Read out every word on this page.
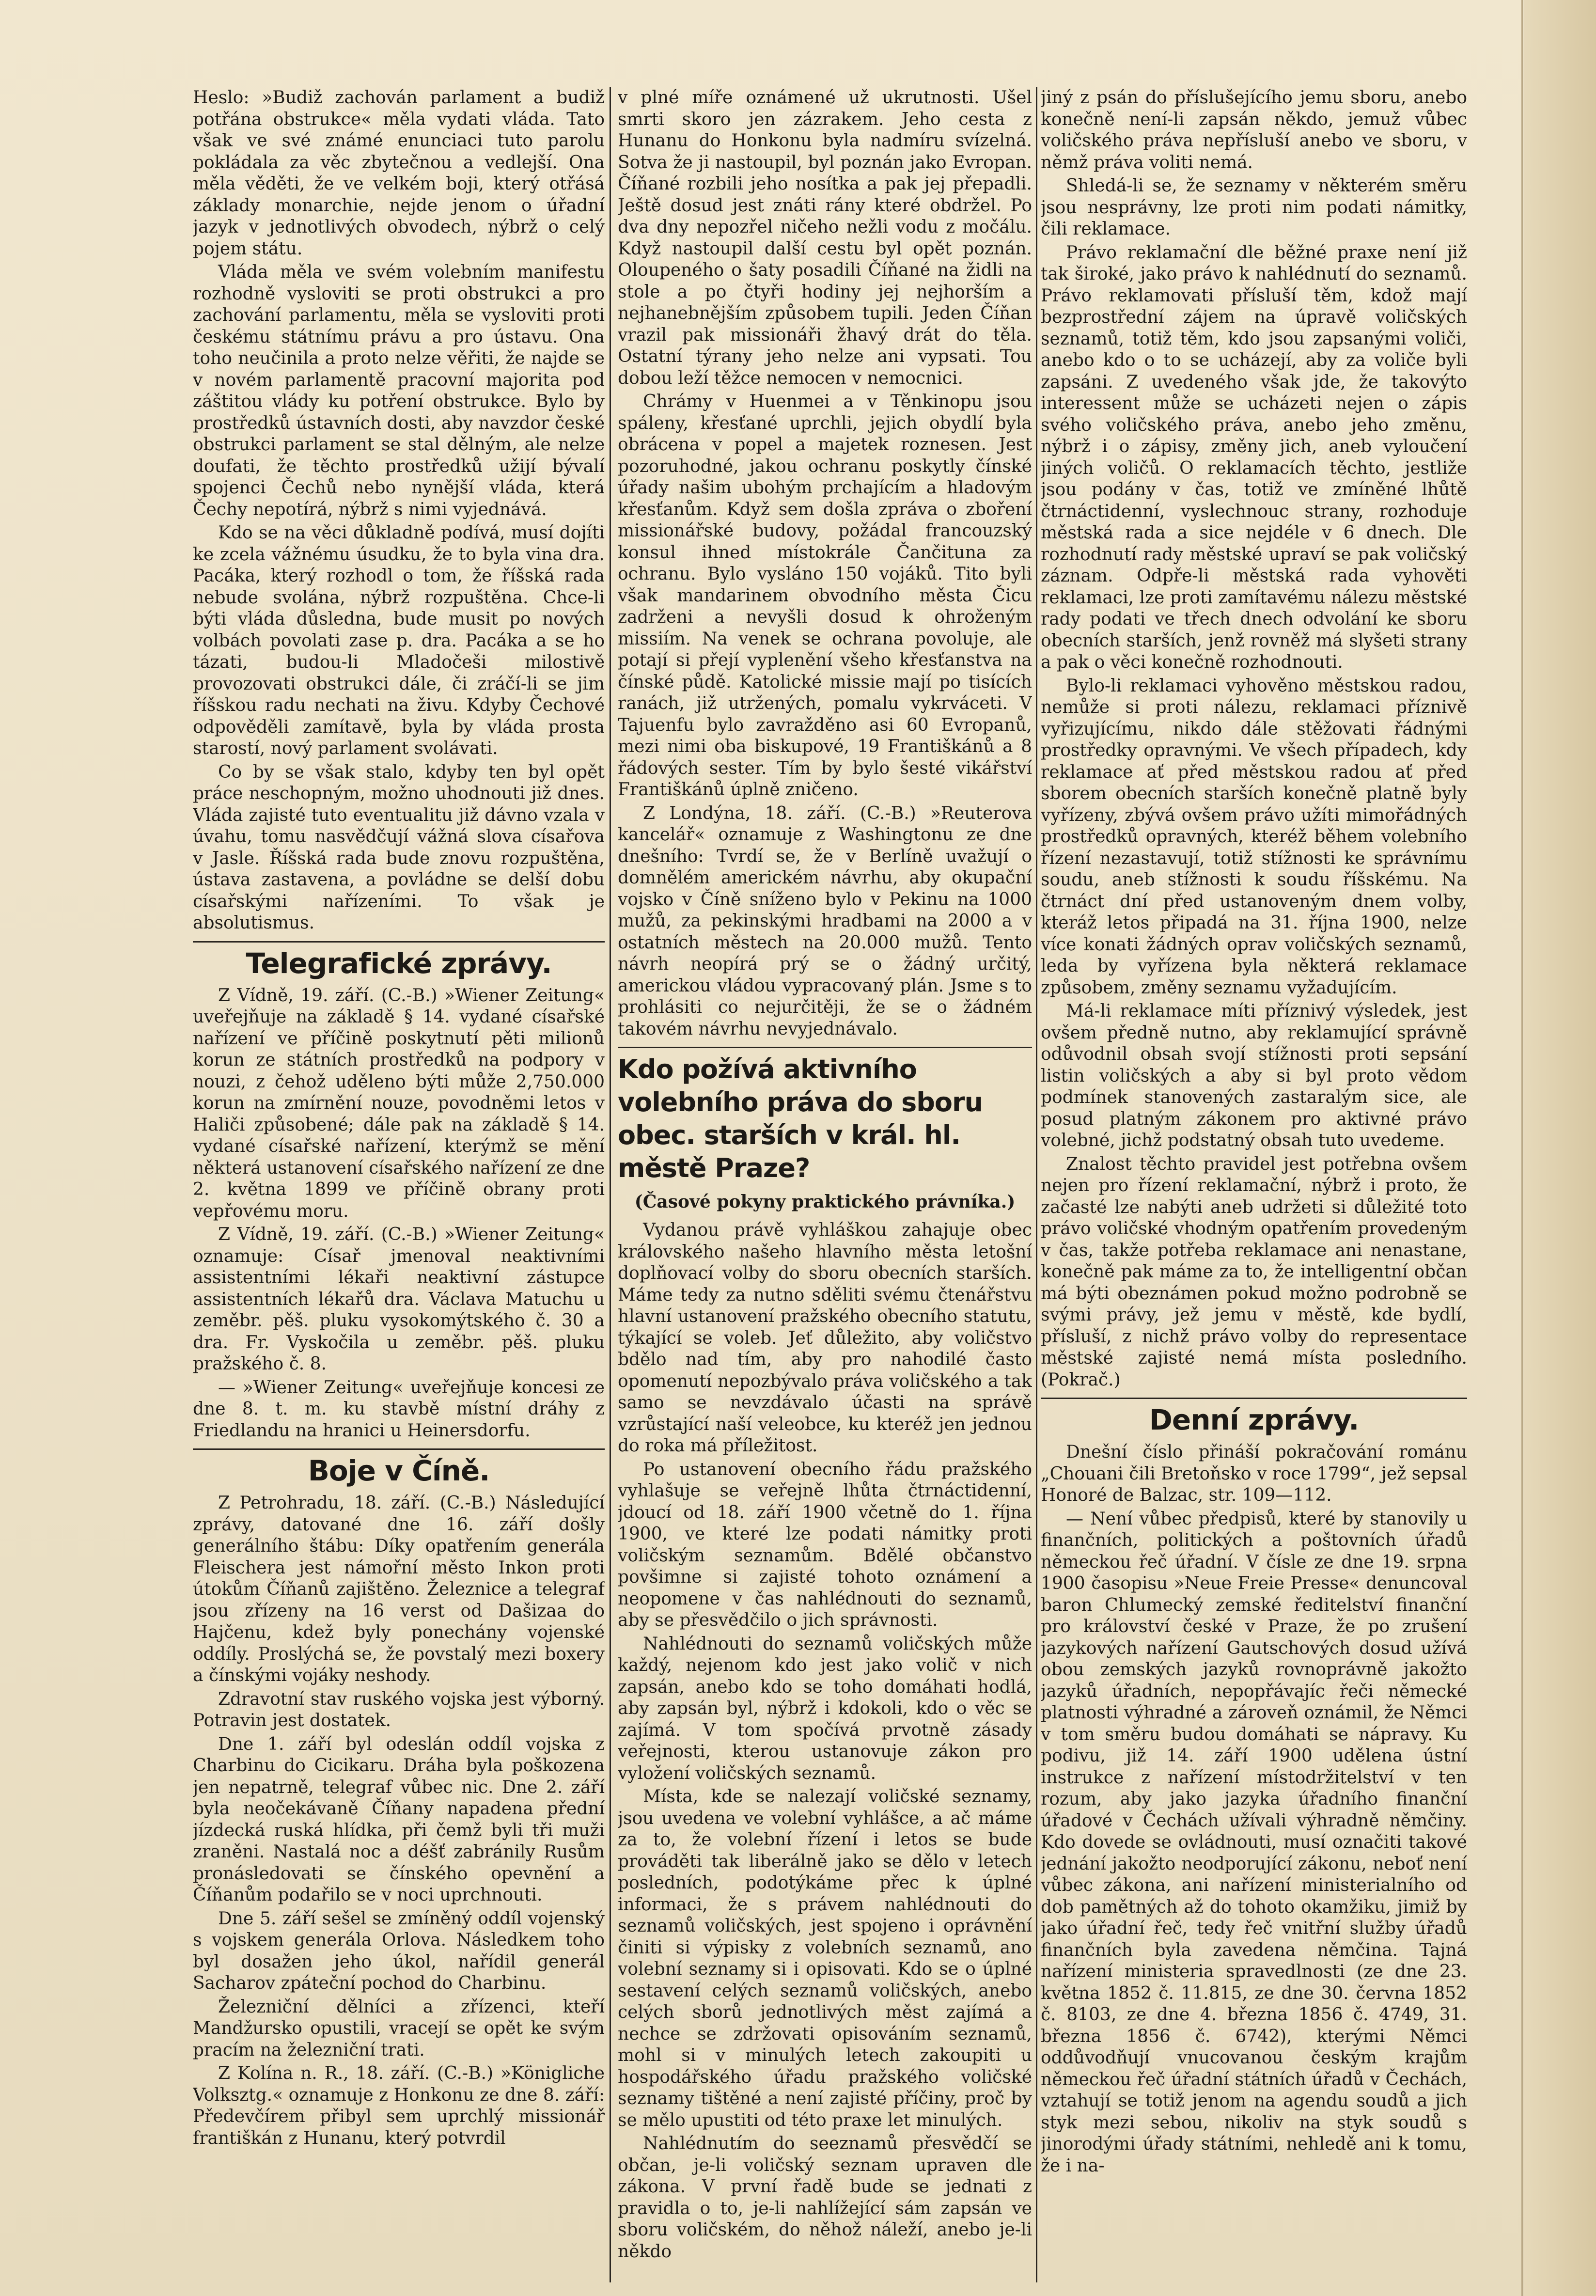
Heslo: »Budiž zachován parlament a budiž potřána obstrukce« měla vydati vláda. Tato však ve své známé enunciaci tuto parolu pokládala za věc zbytečnou a vedlejší. Ona měla věděti, že ve velkém boji, který otřásá základy monarchie, nejde jenom o úřadní jazyk v jednotlivých obvodech, nýbrž o celý pojem státu.

Vláda měla ve svém volebním manifestu rozhodně vysloviti se proti obstrukci a pro zachování parlamentu, měla se vysloviti proti českému státnímu právu a pro ústavu. Ona toho neučinila a proto nelze věřiti, že najde se v novém parlamentě pracovní majorita pod záštitou vlády ku potření obstrukce. Bylo by prostředků ústavních dosti, aby navzdor české obstrukci parlament se stal dělným, ale nelze doufati, že těchto prostředků užijí bývalí spojenci Čechů nebo nynější vláda, která Čechy nepotírá, nýbrž s nimi vyjednává.

Kdo se na věci důkladně podívá, musí dojíti ke zcela vážnému úsudku, že to byla vina dra. Pacáka, který rozhodl o tom, že říšská rada nebude svolána, nýbrž rozpuštěna. Chce-li býti vláda důsledna, bude musit po nových volbách povolati zase p. dra. Pacáka a se ho tázati, budou-li Mladočeši milostivě provozovati obstrukci dále, či zráčí-li se jim říšskou radu nechati na živu. Kdyby Čechové odpověděli zamítavě, byla by vláda prosta starostí, nový parlament svolávati.

Co by se však stalo, kdyby ten byl opět práce neschopným, možno uhodnouti již dnes. Vláda zajisté tuto eventualitu již dávno vzala v úvahu, tomu nasvědčují vážná slova císařova v Jasle. Říšská rada bude znovu rozpuštěna, ústava zastavena, a povládne se delší dobu císařskými nařízeními. To však je absolutismus.

Telegrafické zprávy.

Z Vídně, 19. září. (C.-B.) »Wiener Zeitung« uveřejňuje na základě § 14. vydané císařské nařízení ve příčině poskytnutí pěti milionů korun ze státních prostředků na podpory v nouzi, z čehož uděleno býti může 2,750.000 korun na zmírnění nouze, povodněmi letos v Haliči způsobené; dále pak na základě § 14. vydané císařské nařízení, kterýmž se mění některá ustanovení císařského nařízení ze dne 2. května 1899 ve příčině obrany proti vepřovému moru.

Z Vídně, 19. září. (C.-B.) »Wiener Zeitung« oznamuje: Císař jmenoval neaktivními assistentními lékaři neaktivní zástupce assistentních lékařů dra. Václava Matuchu u zeměbr. pěš. pluku vysokomýtského č. 30 a dra. Fr. Vyskočila u zeměbr. pěš. pluku pražského č. 8.

— »Wiener Zeitung« uveřejňuje koncesi ze dne 8. t. m. ku stavbě místní dráhy z Friedlandu na hranici u Heinersdorfu.

Boje v Číně.

Z Petrohradu, 18. září. (C.-B.) Následující zprávy, datované dne 16. září došly generálního štábu: Díky opatřením generála Fleischera jest námořní město Inkon proti útokům Číňanů zajištěno. Železnice a telegraf jsou zřízeny na 16 verst od Dašizaa do Hajčenu, kdež byly ponechány vojenské oddíly. Proslýchá se, že povstalý mezi boxery a čínskými vojáky neshody.

Zdravotní stav ruského vojska jest výborný. Potravin jest dostatek.

Dne 1. září byl odeslán oddíl vojska z Charbinu do Cicikaru. Dráha byla poškozena jen nepatrně, telegraf vůbec nic. Dne 2. září byla neočekávaně Číňany napadena přední jízdecká ruská hlídka, při čemž byli tři muži zraněni. Nastalá noc a déšť zabránily Rusům pronásledovati se čínského opevnění a Číňanům podařilo se v noci uprchnouti.

Dne 5. září sešel se zmíněný oddíl vojenský s vojskem generála Orlova. Následkem toho byl dosažen jeho úkol, nařídil generál Sacharov zpáteční pochod do Charbinu.

Železniční dělníci a zřízenci, kteří Mandžursko opustili, vracejí se opět ke svým pracím na železniční trati.

Z Kolína n. R., 18. září. (C.-B.) »Königliche Volksztg.« oznamuje z Honkonu ze dne 8. září: Předevčírem přibyl sem uprchlý missionář františkán z Hunanu, který potvrdil

v plné míře oznámené už ukrutnosti. Ušel smrti skoro jen zázrakem. Jeho cesta z Hunanu do Honkonu byla nadmíru svízelná. Sotva že ji nastoupil, byl poznán jako Evropan. Číňané rozbili jeho nosítka a pak jej přepadli. Ještě dosud jest znáti rány které obdržel. Po dva dny nepozřel ničeho nežli vodu z močálu. Když nastoupil další cestu byl opět poznán. Oloupeného o šaty posadili Číňané na židli na stole a po čtyři hodiny jej nejhorším a nejhanebnějším způsobem tupili. Jeden Číňan vrazil pak missionáři žhavý drát do těla. Ostatní týrany jeho nelze ani vypsati. Tou dobou leží těžce nemocen v nemocnici.

Chrámy v Huenmei a v Těnkinopu jsou spáleny, křesťané uprchli, jejich obydlí byla obrácena v popel a majetek roznesen. Jest pozoruhodné, jakou ochranu poskytly čínské úřady našim ubohým prchajícím a hladovým křesťanům. Když sem došla zpráva o zboření missionářské budovy, požádal francouzský konsul ihned místokrále Čančituna za ochranu. Bylo vysláno 150 vojáků. Tito byli však mandarinem obvodního města Čicu zadrženi a nevyšli dosud k ohroženým missiím. Na venek se ochrana povoluje, ale potají si přejí vyplenění všeho křesťanstva na čínské půdě. Katolické missie mají po tisících ranách, již utržených, pomalu vykrváceti. V Tajuenfu bylo zavražděno asi 60 Evropanů, mezi nimi oba biskupové, 19 Františkánů a 8 řádových sester. Tím by bylo šesté vikářství Františkánů úplně zničeno.

Z Londýna, 18. září. (C.-B.) »Reuterova kancelář« oznamuje z Washingtonu ze dne dnešního: Tvrdí se, že v Berlíně uvažují o domnělém americkém návrhu, aby okupační vojsko v Číně sníženo bylo v Pekinu na 1000 mužů, za pekinskými hradbami na 2000 a v ostatních městech na 20.000 mužů. Tento návrh neopírá prý se o žádný určitý, americkou vládou vypracovaný plán. Jsme s to prohlásiti co nejurčitěji, že se o žádném takovém návrhu nevyjednávalo.

Kdo požívá aktivního volebního práva do sboru obec. starších v král. hl. městě Praze?
(Časové pokyny praktického právníka.)

Vydanou právě vyhláškou zahajuje obec královského našeho hlavního města letošní doplňovací volby do sboru obecních starších. Máme tedy za nutno sděliti svému čtenářstvu hlavní ustanovení pražského obecního statutu, týkající se voleb. Jeť důležito, aby voličstvo bdělo nad tím, aby pro nahodilé často opomenutí nepozbývalo práva voličského a tak samo se nevzdávalo účasti na správě vzrůstající naší veleobce, ku kteréž jen jednou do roka má příležitost.

Po ustanovení obecního řádu pražského vyhlašuje se veřejně lhůta čtrnáctidenní, jdoucí od 18. září 1900 včetně do 1. října 1900, ve které lze podati námitky proti voličským seznamům. Bdělé občanstvo povšimne si zajisté tohoto oznámení a neopomene v čas nahlédnouti do seznamů, aby se přesvědčilo o jich správnosti.

Nahlédnouti do seznamů voličských může každý, nejenom kdo jest jako volič v nich zapsán, anebo kdo se toho domáhati hodlá, aby zapsán byl, nýbrž i kdokoli, kdo o věc se zajímá. V tom spočívá prvotně zásady veřejnosti, kterou ustanovuje zákon pro vyložení voličských seznamů.

Místa, kde se nalezají voličské seznamy, jsou uvedena ve volební vyhlášce, a ač máme za to, že volební řízení i letos se bude prováděti tak liberálně jako se dělo v letech posledních, podotýkáme přec k úplné informaci, že s právem nahlédnouti do seznamů voličských, jest spojeno i oprávnění činiti si výpisky z volebních seznamů, ano volební seznamy si i opisovati. Kdo se o úplné sestavení celých seznamů voličských, anebo celých sborů jednotlivých měst zajímá a nechce se zdržovati opisováním seznamů, mohl si v minulých letech zakoupiti u hospodářského úřadu pražského voličské seznamy tištěné a není zajisté příčiny, proč by se mělo upustiti od této praxe let minulých.

Nahlédnutím do seeznamů přesvědčí se občan, je-li voličský seznam upraven dle zákona. V první řadě bude se jednati z pravidla o to, je-li nahlížející sám zapsán ve sboru voličském, do něhož náleží, anebo je-li někdo

jiný z psán do příslušejícího jemu sboru, anebo konečně není-li zapsán někdo, jemuž vůbec voličského práva nepřísluší anebo ve sboru, v němž práva voliti nemá.

Shledá-li se, že seznamy v některém směru jsou nesprávny, lze proti nim podati námitky, čili reklamace.

Právo reklamační dle běžné praxe není již tak široké, jako právo k nahlédnutí do seznamů. Právo reklamovati přísluší těm, kdož mají bezprostřední zájem na úpravě voličských seznamů, totiž těm, kdo jsou zapsanými voliči, anebo kdo o to se ucházejí, aby za voliče byli zapsáni. Z uvedeného však jde, že takovýto interessent může se ucházeti nejen o zápis svého voličského práva, anebo jeho změnu, nýbrž i o zápisy, změny jich, aneb vyloučení jiných voličů. O reklamacích těchto, jestliže jsou podány v čas, totiž ve zmíněné lhůtě čtrnáctidenní, vyslechnouc strany, rozhoduje městská rada a sice nejdéle v 6 dnech. Dle rozhodnutí rady městské upraví se pak voličský záznam. Odpře-li městská rada vyhověti reklamaci, lze proti zamítavému nálezu městské rady podati ve třech dnech odvolání ke sboru obecních starších, jenž rovněž má slyšeti strany a pak o věci konečně rozhodnouti.

Bylo-li reklamaci vyhověno městskou radou, nemůže si proti nálezu, reklamaci příznivě vyřizujícímu, nikdo dále stěžovati řádnými prostředky opravnými. Ve všech případech, kdy reklamace ať před městskou radou ať před sborem obecních starších konečně platně byly vyřízeny, zbývá ovšem právo užíti mimořádných prostředků opravných, kteréž během volebního řízení nezastavují, totiž stížnosti ke správnímu soudu, aneb stížnosti k soudu říšskému. Na čtrnáct dní před ustanoveným dnem volby, kteráž letos připadá na 31. října 1900, nelze více konati žádných oprav voličských seznamů, leda by vyřízena byla některá reklamace způsobem, změny seznamu vyžadujícím.

Má-li reklamace míti příznivý výsledek, jest ovšem předně nutno, aby reklamující správně odůvodnil obsah svojí stížnosti proti sepsání listin voličských a aby si byl proto vědom podmínek stanovených zastaralým sice, ale posud platným zákonem pro aktivné právo volebné, jichž podstatný obsah tuto uvedeme.

Znalost těchto pravidel jest potřebna ovšem nejen pro řízení reklamační, nýbrž i proto, že začasté lze nabýti aneb udržeti si důležité toto právo voličské vhodným opatřením provedeným v čas, takže potřeba reklamace ani nenastane, konečně pak máme za to, že intelligentní občan má býti obeznámen pokud možno podrobně se svými právy, jež jemu v městě, kde bydlí, přísluší, z nichž právo volby do representace městské zajisté nemá místa posledního. (Pokrač.)

Denní zprávy.

Dnešní číslo přináší pokračování románu „Chouani čili Bretoňsko v roce 1799“, jež sepsal Honoré de Balzac, str. 109—112.

— Není vůbec předpisů, které by stanovily u finančních, politických a poštovních úřadů německou řeč úřadní. V čísle ze dne 19. srpna 1900 časopisu »Neue Freie Presse« denuncoval baron Chlumecký zemské ředitelství finanční pro království české v Praze, že po zrušení jazykových nařízení Gautschových dosud užívá obou zemských jazyků rovnoprávně jakožto jazyků úřadních, nepopřávajíc řeči německé platnosti výhradné a zároveň oznámil, že Němci v tom směru budou domáhati se nápravy. Ku podivu, již 14. září 1900 udělena ústní instrukce z nařízení místodržitelství v ten rozum, aby jako jazyka úřadního finanční úřadové v Čechách užívali výhradně němčiny. Kdo dovede se ovládnouti, musí označiti takové jednání jakožto neodporující zákonu, neboť není vůbec zákona, ani nařízení ministerialního od dob pamětných až do tohoto okamžiku, jimiž by jako úřadní řeč, tedy řeč vnitřní služby úřadů finančních byla zavedena němčina. Tajná nařízení ministeria spravedlnosti (ze dne 23. května 1852 č. 11.815, ze dne 30. června 1852 č. 8103, ze dne 4. března 1856 č. 4749, 31. března 1856 č. 6742), kterými Němci oddůvodňují vnucovanou českým krajům německou řeč úřadní státních úřadů v Čechách, vztahují se totiž jenom na agendu soudů a jich styk mezi sebou, nikoliv na styk soudů s jinorodými úřady státními, nehledě ani k tomu, že i na-
